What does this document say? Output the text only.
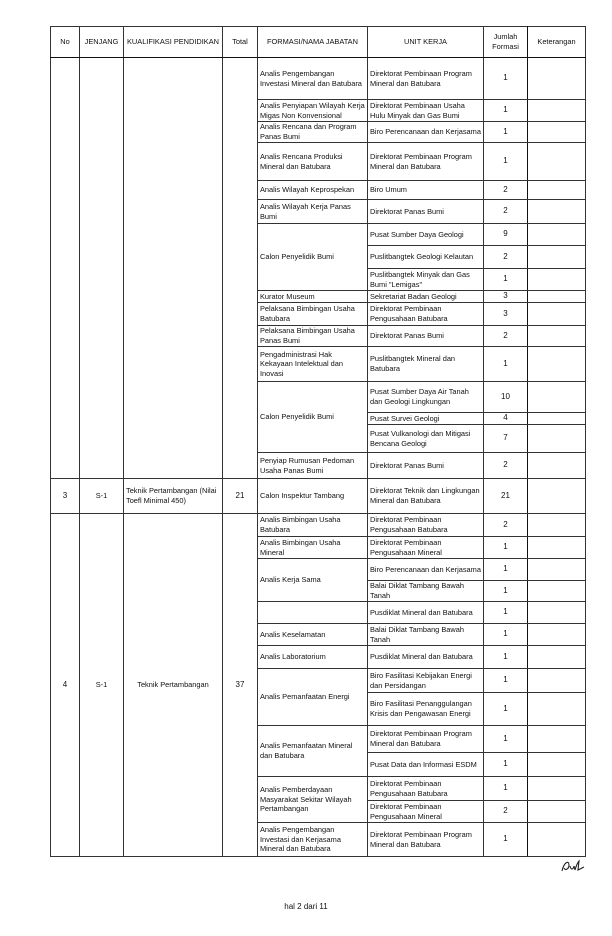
No	JENJANG	KUALIFIKASI PENDIDIKAN	Total	FORMASI/NAMA JABATAN	UNIT KERJA	Jumlah Formasi	Keterangan
				Analis Pengembangan Investasi Mineral dan Batubara	Direktorat Pembinaan Program Mineral dan Batubara	1	
				Analis Penyiapan Wilayah Kerja Migas Non Konvensional	Direktorat Pembinaan Usaha Hulu Minyak dan Gas Bumi	1	
				Analis Rencana dan Program Panas Bumi	Biro Perencanaan dan Kerjasama	1	
				Analis Rencana Produksi Mineral dan Batubara	Direktorat Pembinaan Program Mineral dan Batubara	1	
				Analis Wilayah Keprospekan	Biro Umum	2	
				Analis Wilayah Kerja Panas Bumi	Direktorat Panas Bumi	2	
				Calon Penyelidik Bumi	Pusat Sumber Daya Geologi	9	
					Puslitbangtek Geologi Kelautan	2	
					Puslitbangtek Minyak dan Gas Bumi "Lemigas"	1	
				Kurator Museum	Sekretariat Badan Geologi	3	
				Pelaksana Bimbingan Usaha Batubara	Direktorat Pembinaan Pengusahaan Batubara	3	
				Pelaksana Bimbingan Usaha Panas Bumi	Direktorat Panas Bumi	2	
				Pengadministrasi Hak Kekayaan Intelektual dan Inovasi	Puslitbangtek Mineral dan Batubara	1	
				Calon Penyelidik Bumi	Pusat Sumber Daya Air Tanah dan Geologi Lingkungan	10	
					Pusat Survei Geologi	4	
					Pusat Vulkanologi dan Mitigasi Bencana Geologi	7	
				Penyiap Rumusan Pedoman Usaha Panas Bumi	Direktorat Panas Bumi	2	
3	S-1	Teknik Pertambangan (Nilai Toefl Minimal 450)	21	Calon Inspektur Tambang	Direktorat Teknik dan Lingkungan Mineral dan Batubara	21	
4	S-1	Teknik Pertambangan	37	Analis Bimbingan Usaha Batubara	Direktorat Pembinaan Pengusahaan Batubara	2	
				Analis Bimbingan Usaha Mineral	Direktorat Pembinaan Pengusahaan Mineral	1	
				Analis Kerja Sama	Biro Perencanaan dan Kerjasama	1	
					Balai Diklat Tambang Bawah Tanah	1	
					Pusdiklat Mineral dan Batubara	1	
				Analis Keselamatan	Balai Diklat Tambang Bawah Tanah	1	
				Analis Laboratorium	Pusdiklat Mineral dan Batubara	1	
				Analis Pemanfaatan Energi	Biro Fasilitasi Kebijakan Energi dan Persidangan	1	
					Biro Fasilitasi Penanggulangan Krisis dan Pengawasan Energi	1	
				Analis Pemanfaatan Mineral dan Batubara	Direktorat Pembinaan Program Mineral dan Batubara	1	
					Pusat Data dan Informasi ESDM	1	
				Analis Pemberdayaan Masyarakat Sekitar Wilayah Pertambangan	Direktorat Pembinaan Pengusahaan Batubara	1	
					Direktorat Pembinaan Pengusahaan Mineral	2	
				Analis Pengembangan Investasi dan Kerjasama Mineral dan Batubara	Direktorat Pembinaan Program Mineral dan Batubara	1	
hal 2 dari 11
